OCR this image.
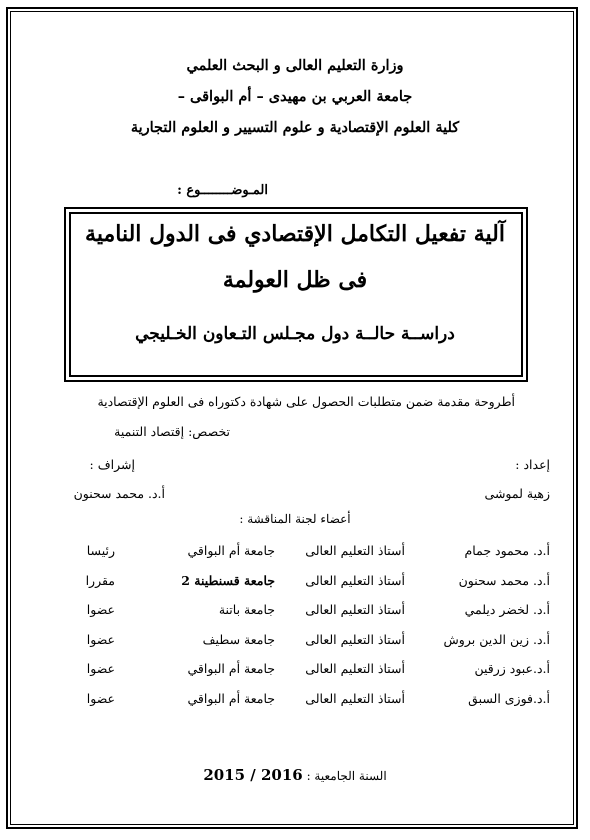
وزارة التعليم العالى و البحث العلمي
جامعة العربي بن مهيدى – أم البواقى –
كلية العلوم الإقتصادية و علوم التسيير و العلوم التجارية
المـوضــــــــوع :
آلية تفعيل التكامل الإقتصادي فى الدول النامية
فى ظل العولمة
دراســة حالــة دول مجـلس التـعاون الخـليجي
أطروحة مقدمة ضمن متطلبات الحصول على شهادة دكتوراه فى العلوم الإقتصادية
تخصص: إقتصاد التنمية
إعداد :
إشراف :
زهية لموشى
أ.د. محمد سحنون
أعضاء لجنة المناقشة :
أ.د. محمود جمام
أستاذ التعليم العالى
جامعة أم البواقي
رئيسا
أ.د. محمد سحنون
أستاذ التعليم العالى
جامعة قسنطينة 2
مقررا
أ.د. لخضر ديلمي
أستاذ التعليم العالى
جامعة باتنة
عضوا
أ.د. زين الدين بروش
أستاذ التعليم العالى
جامعة سطيف
عضوا
أ.د.عبود زرقين
أستاذ التعليم العالى
جامعة أم البواقي
عضوا
أ.د.فوزى السبق
أستاذ التعليم العالى
جامعة أم البواقي
عضوا
السنة الجامعية : 2016 / 2015
